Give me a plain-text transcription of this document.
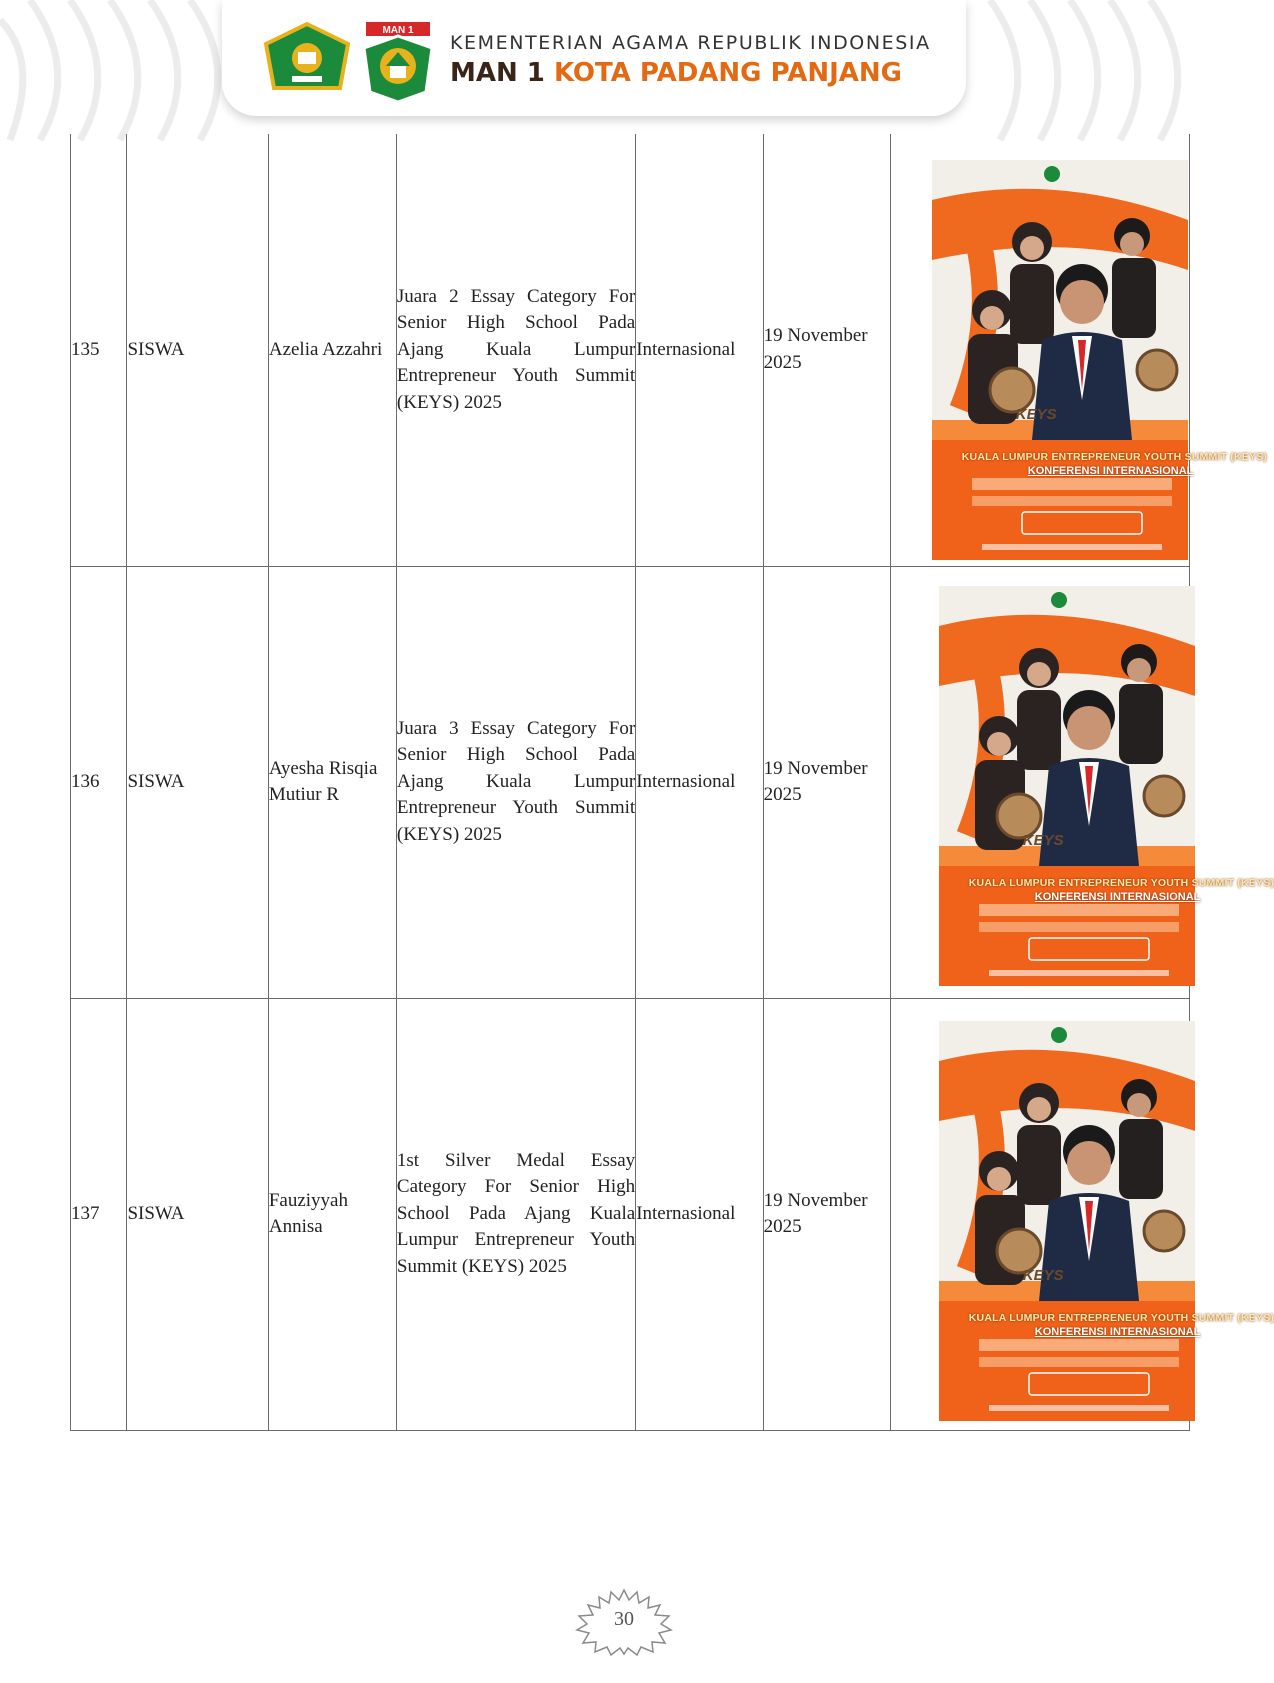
MAN 1
KEMENTERIAN AGAMA REPUBLIK INDONESIA
MAN 1 KOTA PADANG PANJANG
135	SISWA	Azelia Azzahri	Juara 2 Essay Category For Senior High School Pada Ajang Kuala Lumpur Entrepreneur Youth Summit (KEYS) 2025	Internasional	19 November 2025	KEYS
KUALA LUMPUR ENTREPRENEUR YOUTH SUMMIT (KEYS)
KONFERENSI INTERNASIONAL

136	SISWA	Ayesha Risqia Mutiur R	Juara 3 Essay Category For Senior High School Pada Ajang Kuala Lumpur Entrepreneur Youth Summit (KEYS) 2025	Internasional	19 November 2025	KEYS
KUALA LUMPUR ENTREPRENEUR YOUTH SUMMIT (KEYS)
KONFERENSI INTERNASIONAL

137	SISWA	Fauziyyah Annisa	1st Silver Medal Essay Category For Senior High School Pada Ajang Kuala Lumpur Entrepreneur Youth Summit (KEYS) 2025	Internasional	19 November 2025	KEYS
KUALA LUMPUR ENTREPRENEUR YOUTH SUMMIT (KEYS)
KONFERENSI INTERNASIONAL
30
